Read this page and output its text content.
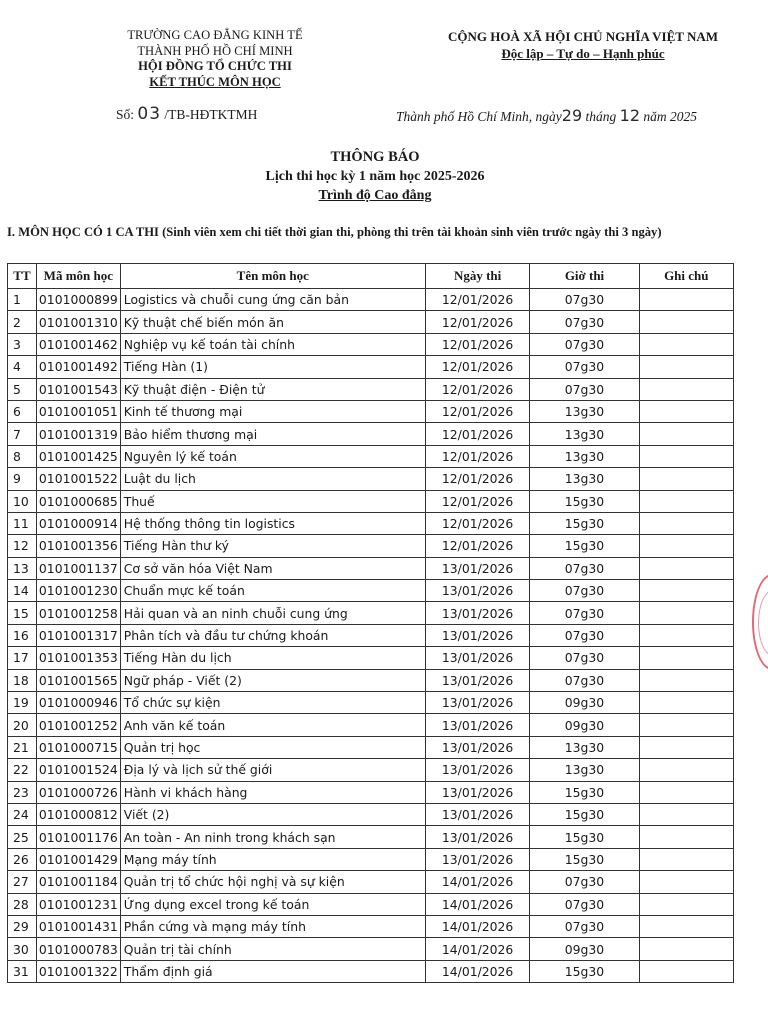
TRƯỜNG CAO ĐẲNG KINH TẾ
THÀNH PHỐ HỒ CHÍ MINH
HỘI ĐỒNG TỔ CHỨC THI
KẾT THÚC MÔN HỌC
CỘNG HOÀ XÃ HỘI CHỦ NGHĨA VIỆT NAM
Độc lập – Tự do – Hạnh phúc
Số: 03 /TB-HĐTKTMH	Thành phố Hồ Chí Minh, ngày29 tháng 12 năm 2025
THÔNG BÁO
Lịch thi học kỳ 1 năm học 2025-2026
Trình độ Cao đẳng
I. MÔN HỌC CÓ 1 CA THI (Sinh viên xem chi tiết thời gian thi, phòng thi trên tài khoản sinh viên trước ngày thi 3 ngày)
TT	Mã môn học	Tên môn học	Ngày thi	Giờ thi	Ghi chú
1	0101000899	Logistics và chuỗi cung ứng căn bản	12/01/2026	07g30	
2	0101001310	Kỹ thuật chế biến món ăn	12/01/2026	07g30	
3	0101001462	Nghiệp vụ kế toán tài chính	12/01/2026	07g30	
4	0101001492	Tiếng Hàn (1)	12/01/2026	07g30	
5	0101001543	Kỹ thuật điện - Điện tử	12/01/2026	07g30	
6	0101001051	Kinh tế thương mại	12/01/2026	13g30	
7	0101001319	Bảo hiểm thương mại	12/01/2026	13g30	
8	0101001425	Nguyên lý kế toán	12/01/2026	13g30	
9	0101001522	Luật du lịch	12/01/2026	13g30	
10	0101000685	Thuế	12/01/2026	15g30	
11	0101000914	Hệ thống thông tin logistics	12/01/2026	15g30	
12	0101001356	Tiếng Hàn thư ký	12/01/2026	15g30	
13	0101001137	Cơ sở văn hóa Việt Nam	13/01/2026	07g30	
14	0101001230	Chuẩn mực kế toán	13/01/2026	07g30	
15	0101001258	Hải quan và an ninh chuỗi cung ứng	13/01/2026	07g30	
16	0101001317	Phân tích và đầu tư chứng khoán	13/01/2026	07g30	
17	0101001353	Tiếng Hàn du lịch	13/01/2026	07g30	
18	0101001565	Ngữ pháp - Viết (2)	13/01/2026	07g30	
19	0101000946	Tổ chức sự kiện	13/01/2026	09g30	
20	0101001252	Anh văn kế toán	13/01/2026	09g30	
21	0101000715	Quản trị học	13/01/2026	13g30	
22	0101001524	Địa lý và lịch sử thế giới	13/01/2026	13g30	
23	0101000726	Hành vi khách hàng	13/01/2026	15g30	
24	0101000812	Viết (2)	13/01/2026	15g30	
25	0101001176	An toàn - An ninh trong khách sạn	13/01/2026	15g30	
26	0101001429	Mạng máy tính	13/01/2026	15g30	
27	0101001184	Quản trị tổ chức hội nghị và sự kiện	14/01/2026	07g30	
28	0101001231	Ứng dụng excel trong kế toán	14/01/2026	07g30	
29	0101001431	Phần cứng và mạng máy tính	14/01/2026	07g30	
30	0101000783	Quản trị tài chính	14/01/2026	09g30	
31	0101001322	Thẩm định giá	14/01/2026	15g30	
